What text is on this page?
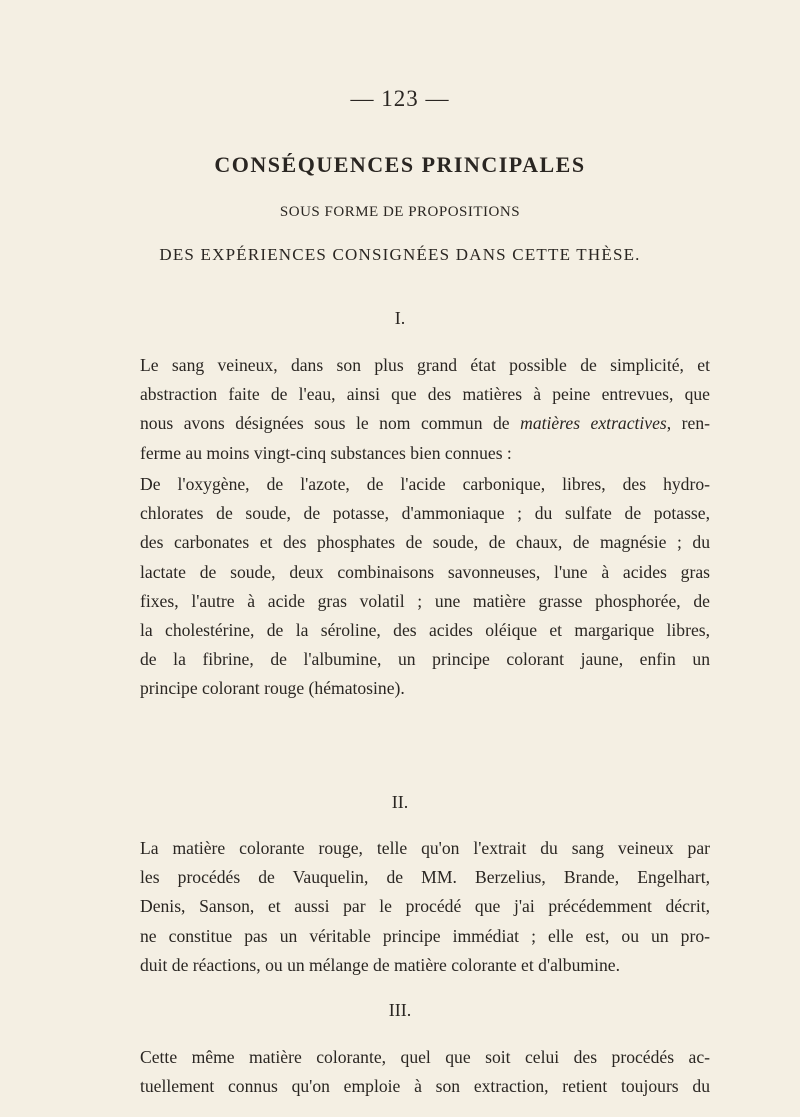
— 123 —
CONSÉQUENCES PRINCIPALES
SOUS FORME DE PROPOSITIONS
DES EXPÉRIENCES CONSIGNÉES DANS CETTE THÈSE.
I.
Le sang veineux, dans son plus grand état possible de simplicité, et
abstraction faite de l'eau, ainsi que des matières à peine entrevues, que
nous avons désignées sous le nom commun de matières extractives, ren-
ferme au moins vingt-cinq substances bien connues :
De l'oxygène, de l'azote, de l'acide carbonique, libres, des hydro-
chlorates de soude, de potasse, d'ammoniaque ; du sulfate de potasse,
des carbonates et des phosphates de soude, de chaux, de magnésie ; du
lactate de soude, deux combinaisons savonneuses, l'une à acides gras
fixes, l'autre à acide gras volatil ; une matière grasse phosphorée, de
la cholestérine, de la séroline, des acides oléique et margarique libres,
de la fibrine, de l'albumine, un principe colorant jaune, enfin un
principe colorant rouge (hématosine).
II.
La matière colorante rouge, telle qu'on l'extrait du sang veineux par
les procédés de Vauquelin, de MM. Berzelius, Brande, Engelhart,
Denis, Sanson, et aussi par le procédé que j'ai précédemment décrit,
ne constitue pas un véritable principe immédiat ; elle est, ou un pro-
duit de réactions, ou un mélange de matière colorante et d'albumine.
III.
Cette même matière colorante, quel que soit celui des procédés ac-
tuellement connus qu'on emploie à son extraction, retient toujours du
